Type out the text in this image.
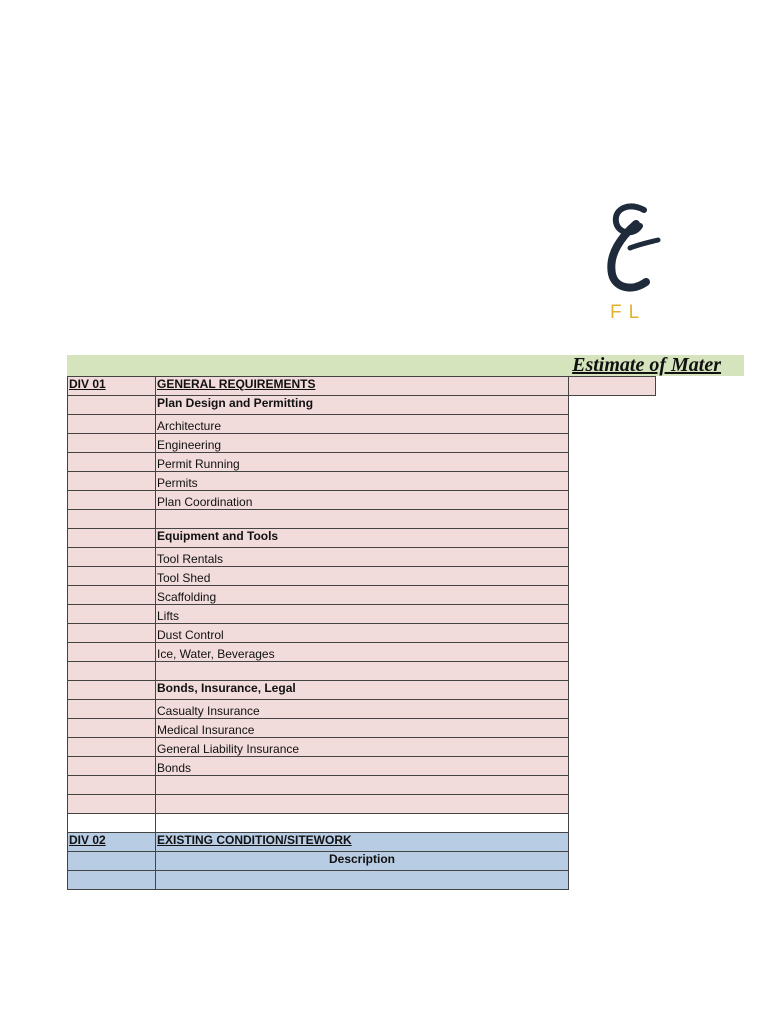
FL
Estimate of Mater
DIV 01	GENERAL REQUIREMENTS
	Plan Design and Permitting
	Architecture
	Engineering
	Permit Running
	Permits
	Plan Coordination

	Equipment and Tools
	Tool Rentals
	Tool Shed
	Scaffolding
	Lifts
	Dust Control
	Ice, Water, Beverages

	Bonds, Insurance, Legal
	Casualty Insurance
	Medical Insurance
	General Liability Insurance
	Bonds

DIV 02	EXISTING CONDITION/SITEWORK
	Description
